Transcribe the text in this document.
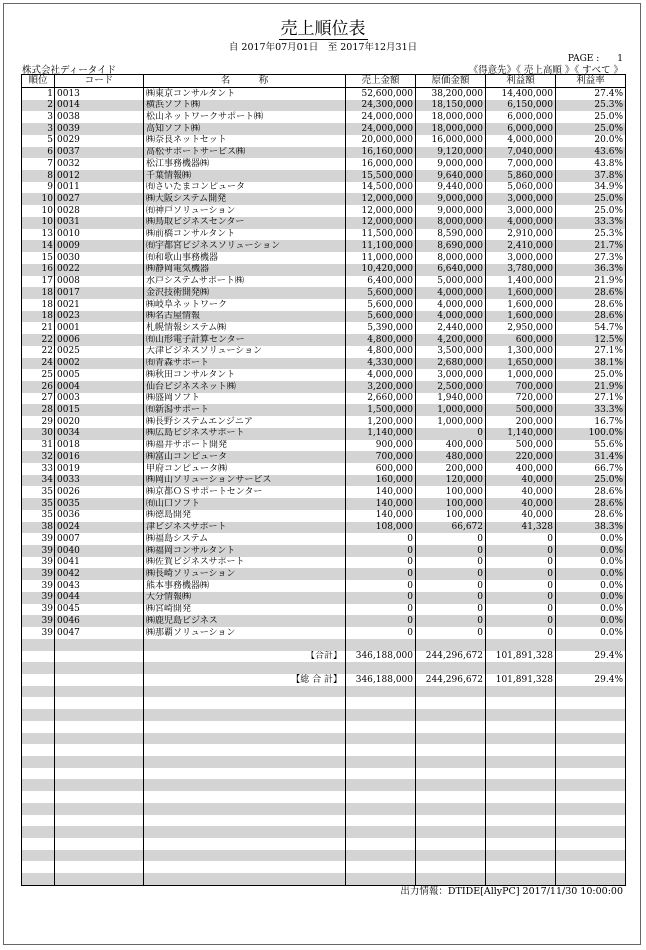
売上順位表
自 2017年07月01日　至 2017年12月31日
PAGE :　　1
株式会社ディータイド	《得意先》《 売上高順 》《 すべて 》
順位	コード	名　　　称	売上金額	原価金額	利益額	利益率
1	0013	㈱東京コンサルタント	52,600,000	38,200,000	14,400,000	27.4%
2	0014	横浜ソフト㈱	24,300,000	18,150,000	6,150,000	25.3%
3	0038	松山ネットワークサポート㈱	24,000,000	18,000,000	6,000,000	25.0%
3	0039	高知ソフト㈱	24,000,000	18,000,000	6,000,000	25.0%
5	0029	㈱奈良ネットセット	20,000,000	16,000,000	4,000,000	20.0%
6	0037	高松サポートサービス㈱	16,160,000	9,120,000	7,040,000	43.6%
7	0032	松江事務機器㈱	16,000,000	9,000,000	7,000,000	43.8%
8	0012	千葉情報㈱	15,500,000	9,640,000	5,860,000	37.8%
9	0011	㈲さいたまコンピュータ	14,500,000	9,440,000	5,060,000	34.9%
10	0027	㈱大阪システム開発	12,000,000	9,000,000	3,000,000	25.0%
10	0028	㈲神戸ソリューション	12,000,000	9,000,000	3,000,000	25.0%
10	0031	㈱鳥取ビジネスセンター	12,000,000	8,000,000	4,000,000	33.3%
13	0010	㈱前橋コンサルタント	11,500,000	8,590,000	2,910,000	25.3%
14	0009	㈲宇都宮ビジネスソリューション	11,100,000	8,690,000	2,410,000	21.7%
15	0030	㈲和歌山事務機器	11,000,000	8,000,000	3,000,000	27.3%
16	0022	㈱静岡電気機器	10,420,000	6,640,000	3,780,000	36.3%
17	0008	水戸システムサポート㈱	6,400,000	5,000,000	1,400,000	21.9%
18	0017	金沢技術開発㈱	5,600,000	4,000,000	1,600,000	28.6%
18	0021	㈱岐阜ネットワーク	5,600,000	4,000,000	1,600,000	28.6%
18	0023	㈱名古屋情報	5,600,000	4,000,000	1,600,000	28.6%
21	0001	札幌情報システム㈱	5,390,000	2,440,000	2,950,000	54.7%
22	0006	㈲山形電子計算センター	4,800,000	4,200,000	600,000	12.5%
22	0025	大津ビジネスソリューション	4,800,000	3,500,000	1,300,000	27.1%
24	0002	㈲青森サポート	4,330,000	2,680,000	1,650,000	38.1%
25	0005	㈱秋田コンサルタント	4,000,000	3,000,000	1,000,000	25.0%
26	0004	仙台ビジネスネット㈱	3,200,000	2,500,000	700,000	21.9%
27	0003	㈱盛岡ソフト	2,660,000	1,940,000	720,000	27.1%
28	0015	㈲新潟サポート	1,500,000	1,000,000	500,000	33.3%
29	0020	㈱長野システムエンジニア	1,200,000	1,000,000	200,000	16.7%
30	0034	㈱広島ビジネスサポート	1,140,000	0	1,140,000	100.0%
31	0018	㈱福井サポート開発	900,000	400,000	500,000	55.6%
32	0016	㈱富山コンピュータ	700,000	480,000	220,000	31.4%
33	0019	甲府コンピュータ㈱	600,000	200,000	400,000	66.7%
34	0033	㈱岡山ソリューションサービス	160,000	120,000	40,000	25.0%
35	0026	㈱京都ＯＳサポートセンター	140,000	100,000	40,000	28.6%
35	0035	㈲山口ソフト	140,000	100,000	40,000	28.6%
35	0036	㈱徳島開発	140,000	100,000	40,000	28.6%
38	0024	津ビジネスサポート	108,000	66,672	41,328	38.3%
39	0007	㈱福島システム	0	0	0	0.0%
39	0040	㈱福岡コンサルタント	0	0	0	0.0%
39	0041	㈱佐賀ビジネスサポート	0	0	0	0.0%
39	0042	㈱長崎ソリューション	0	0	0	0.0%
39	0043	熊本事務機器㈱	0	0	0	0.0%
39	0044	大分情報㈱	0	0	0	0.0%
39	0045	㈱宮崎開発	0	0	0	0.0%
39	0046	㈱鹿児島ビジネス	0	0	0	0.0%
39	0047	㈱那覇ソリューション	0	0	0	0.0%

		【合計】	346,188,000	244,296,672	101,891,328	29.4%

		【総 合 計】	346,188,000	244,296,672	101,891,328	29.4%

出力情報：DTIDE[AllyPC] 2017/11/30 10:00:00
